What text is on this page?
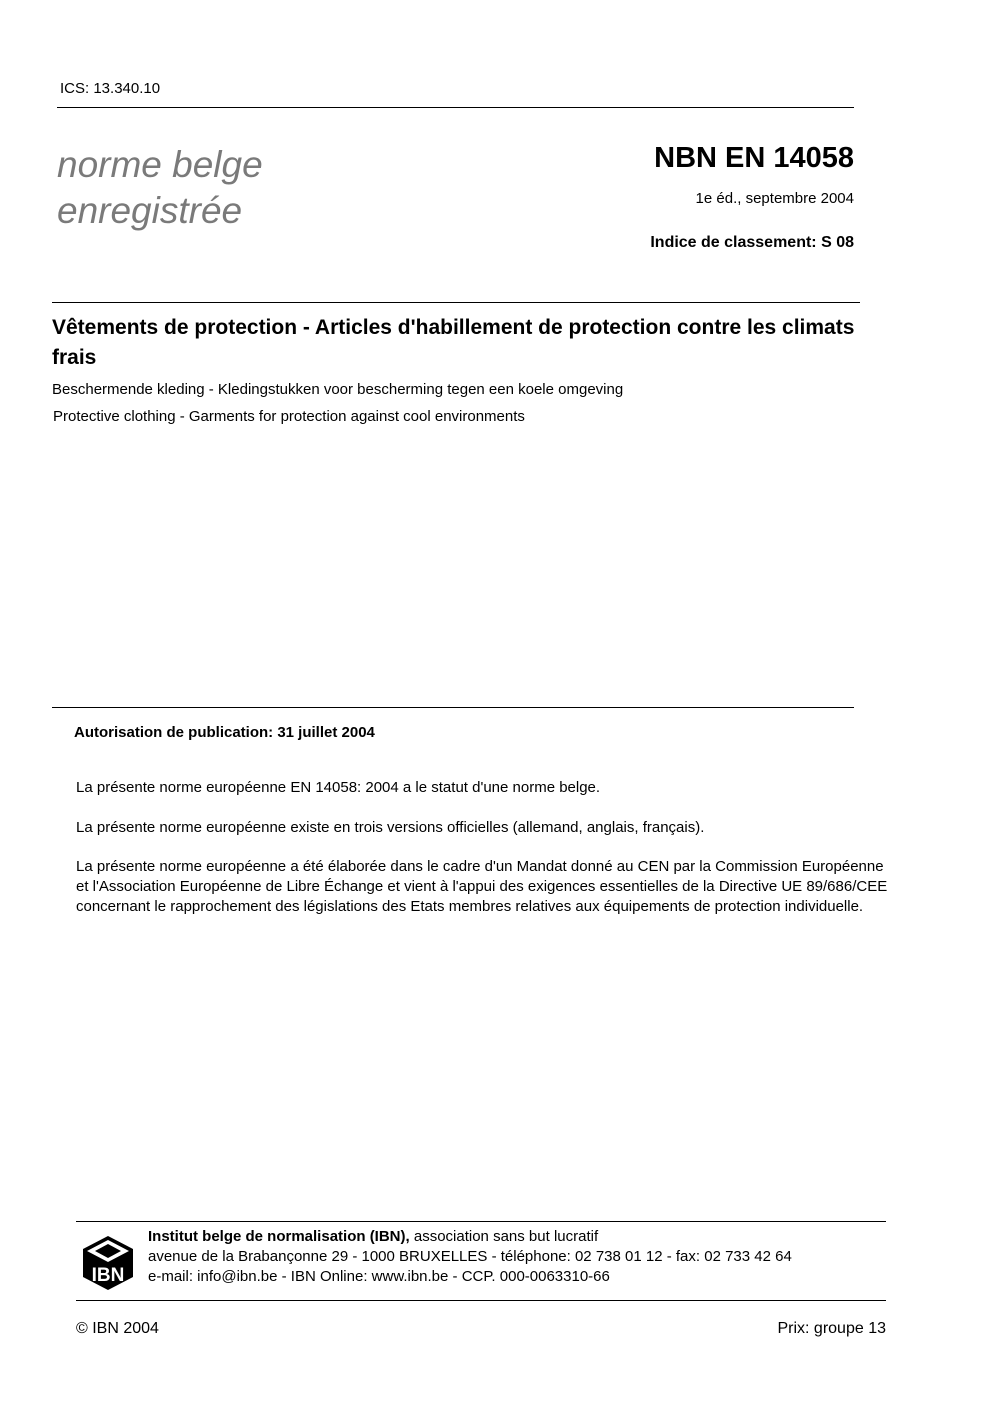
ICS: 13.340.10
norme belge
enregistrée
NBN EN 14058
1e éd., septembre 2004
Indice de classement: S 08
Vêtements de protection - Articles d'habillement de protection contre les climats frais
Beschermende kleding - Kledingstukken voor bescherming tegen een koele omgeving
Protective clothing - Garments for protection against cool environments
Autorisation de publication: 31 juillet 2004
La présente norme européenne EN 14058: 2004 a le statut d'une norme belge.
La présente norme européenne existe en trois versions officielles (allemand, anglais, français).
La présente norme européenne a été élaborée dans le cadre d'un Mandat donné au CEN par la Commission Européenne et l'Association Européenne de Libre Échange et vient à l'appui des exigences essentielles de la Directive UE 89/686/CEE concernant le rapprochement des législations des Etats membres relatives aux équipements de protection individuelle.
IBN
Institut belge de normalisation (IBN), association sans but lucratif
avenue de la Brabançonne 29 - 1000 BRUXELLES - téléphone: 02 738 01 12 - fax: 02 733 42 64
e-mail: info@ibn.be - IBN Online: www.ibn.be - CCP. 000-0063310-66
© IBN 2004	Prix: groupe 13
